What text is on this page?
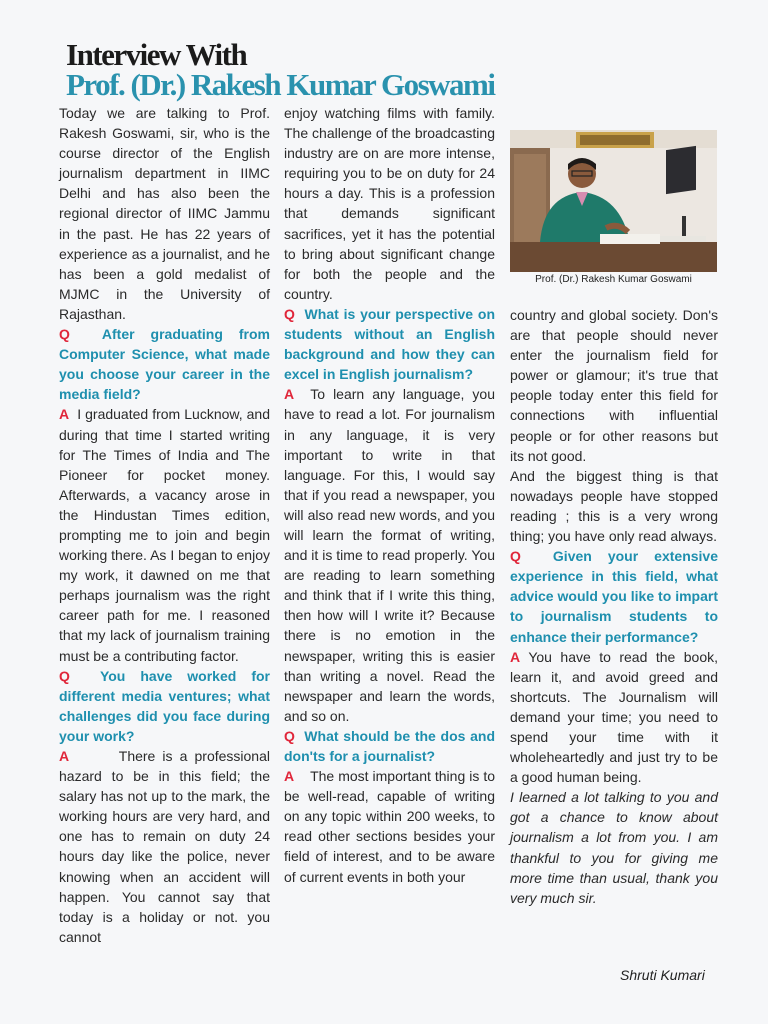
Interview With
Prof. (Dr.) Rakesh Kumar Goswami

Today we are talking to Prof. Rakesh Goswami, sir, who is the course director of the English journalism department in IIMC Delhi and has also been the regional director of IIMC Jammu in the past. He has 22 years of experience as a journalist, and he has been a gold medalist of MJMC in the University of Rajasthan.

Q After graduating from Computer Science, what made you choose your career in the media field?

A I graduated from Lucknow, and during that time I started writing for The Times of India and The Pioneer for pocket money. Afterwards, a vacancy arose in the Hindustan Times edition, prompting me to join and begin working there. As I began to enjoy my work, it dawned on me that perhaps journalism was the right career path for me. I reasoned that my lack of journalism training must be a contributing factor.

Q You have worked for different media ventures; what challenges did you face during your work?

A	There is a professional hazard to be in this field; the salary has not up to the mark, the working hours are very hard, and one has to remain on duty 24 hours day like the police, never knowing when an accident will happen. You cannot say that today is a holiday or not. you cannot

enjoy watching films with family. The challenge of the broadcasting industry are on are more intense, requiring you to be on duty for 24 hours a day. This is a profession that demands significant sacrifices, yet it has the potential to bring about significant change for both the people and the country.

Q What is your perspective on students without an English background and how they can excel in English journalism?

A To learn any language, you have to read a lot. For journalism in any language, it is very important to write in that language. For this, I would say that if you read a newspaper, you will also read new words, and you will learn the format of writing, and it is time to read properly. You are reading to learn something and think that if I write this thing, then how will I write it? Because there is no emotion in the newspaper, writing this is easier than writing a novel. Read the newspaper and learn the words, and so on.

Q What should be the dos and don'ts for a journalist?

A The most important thing is to be well-read, capable of writing on any topic within 200 weeks, to read other sections besides your field of interest, and to be aware of current events in both your

Prof. (Dr.) Rakesh Kumar Goswami

country and global society. Don's are that people should never enter the journalism field for power or glamour; it's true that people today enter this field for connections with influential people or for other reasons but its not good.

And the biggest thing is that nowadays people have stopped reading ; this is a very wrong thing; you have only read always.

Q Given your extensive experience in this field, what advice would you like to impart to journalism students to enhance their performance?

A You have to read the book, learn it, and avoid greed and shortcuts. The Journalism will demand your time; you need to spend your time with it wholeheartedly and just try to be a good human being.

I learned a lot talking to you and got a chance to know about journalism a lot from you. I am thankful to you for giving me more time than usual, thank you very much sir.

Shruti Kumari
